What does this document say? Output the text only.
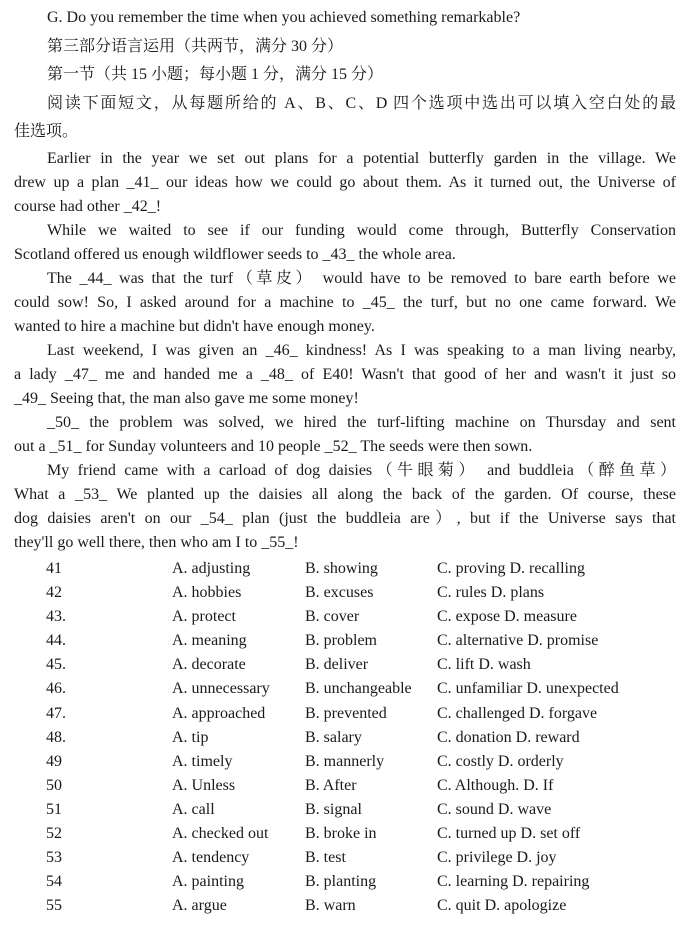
G. Do you remember the time when you achieved something remarkable?
第三部分语言运用（共两节，满分 30 分）
第一节（共 15 小题；每小题 1 分，满分 15 分）
阅读下面短文，从每题所给的 A、B、C、D 四个选项中选出可以填入空白处的最
佳选项。
Earlier in the year we set out plans for a potential butterfly garden in the village. We
drew up a plan _41_ our ideas how we could go about them. As it turned out, the Universe of
course had other _42_!
While we waited to see if our funding would come through, Butterfly Conservation
Scotland offered us enough wildflower seeds to _43_ the whole area.
The _44_ was that the turf（草皮） would have to be removed to bare earth before we
could sow! So, I asked around for a machine to _45_ the turf, but no one came forward. We
wanted to hire a machine but didn't have enough money.
Last weekend, I was given an _46_ kindness! As I was speaking to a man living nearby,
a lady _47_ me and handed me a _48_ of E40! Wasn't that good of her and wasn't it just so
_49_ Seeing that, the man also gave me some money!
_50_ the problem was solved, we hired the turf-lifting machine on Thursday and sent
out a _51_ for Sunday volunteers and 10 people _52_ The seeds were then sown.
My friend came with a carload of dog daisies（牛眼菊） and buddleia（醉鱼草）
What a _53_ We planted up the daisies all along the back of the garden. Of course, these
dog daisies aren't on our _54_ plan (just the buddleia are）, but if the Universe says that
they'll go well there, then who am I to _55_!
41	A. adjusting	B. showing	C. proving D. recalling
42	A. hobbies	B. excuses	C. rules D. plans
43.	A. protect	B. cover	C. expose D. measure
44.	A. meaning	B. problem	C. alternative D. promise
45.	A. decorate	B. deliver	C. lift D. wash
46.	A. unnecessary B. unchangeable C. unfamiliar D. unexpected
47.	A. approached B. prevented	C. challenged D. forgave
48.	A. tip	B. salary	C. donation D. reward
49	A. timely	B. mannerly	C. costly D. orderly
50	A. Unless	B. After	C. Although. D. If
51	A. call	B. signal	C. sound D. wave
52	A. checked out B. broke in	C. turned up D. set off
53	A. tendency	B. test	C. privilege D. joy
54	A. painting	B. planting	C. learning D. repairing
55	A. argue	B. warn	C. quit D. apologize
